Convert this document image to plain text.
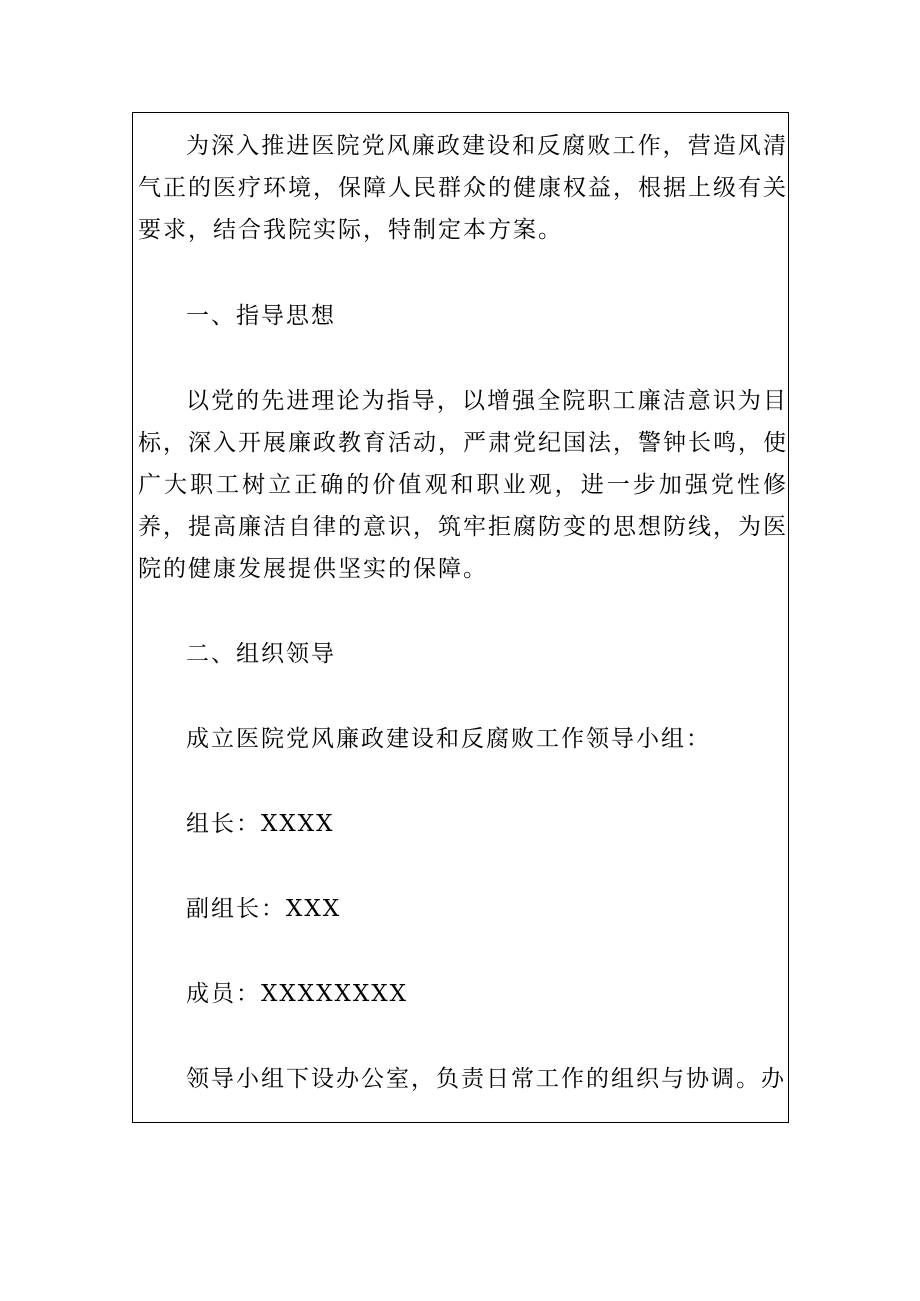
为深入推进医院党风廉政建设和反腐败工作，营造风清气正的医疗环境，保障人民群众的健康权益，根据上级有关要求，结合我院实际，特制定本方案。

一、指导思想

以党的先进理论为指导，以增强全院职工廉洁意识为目标，深入开展廉政教育活动，严肃党纪国法，警钟长鸣，使广大职工树立正确的价值观和职业观，进一步加强党性修养，提高廉洁自律的意识，筑牢拒腐防变的思想防线，为医院的健康发展提供坚实的保障。

二、组织领导

成立医院党风廉政建设和反腐败工作领导小组：

组长：XXXX

副组长：XXX

成员：XXXXXXXX

领导小组下设办公室，负责日常工作的组织与协调。办
